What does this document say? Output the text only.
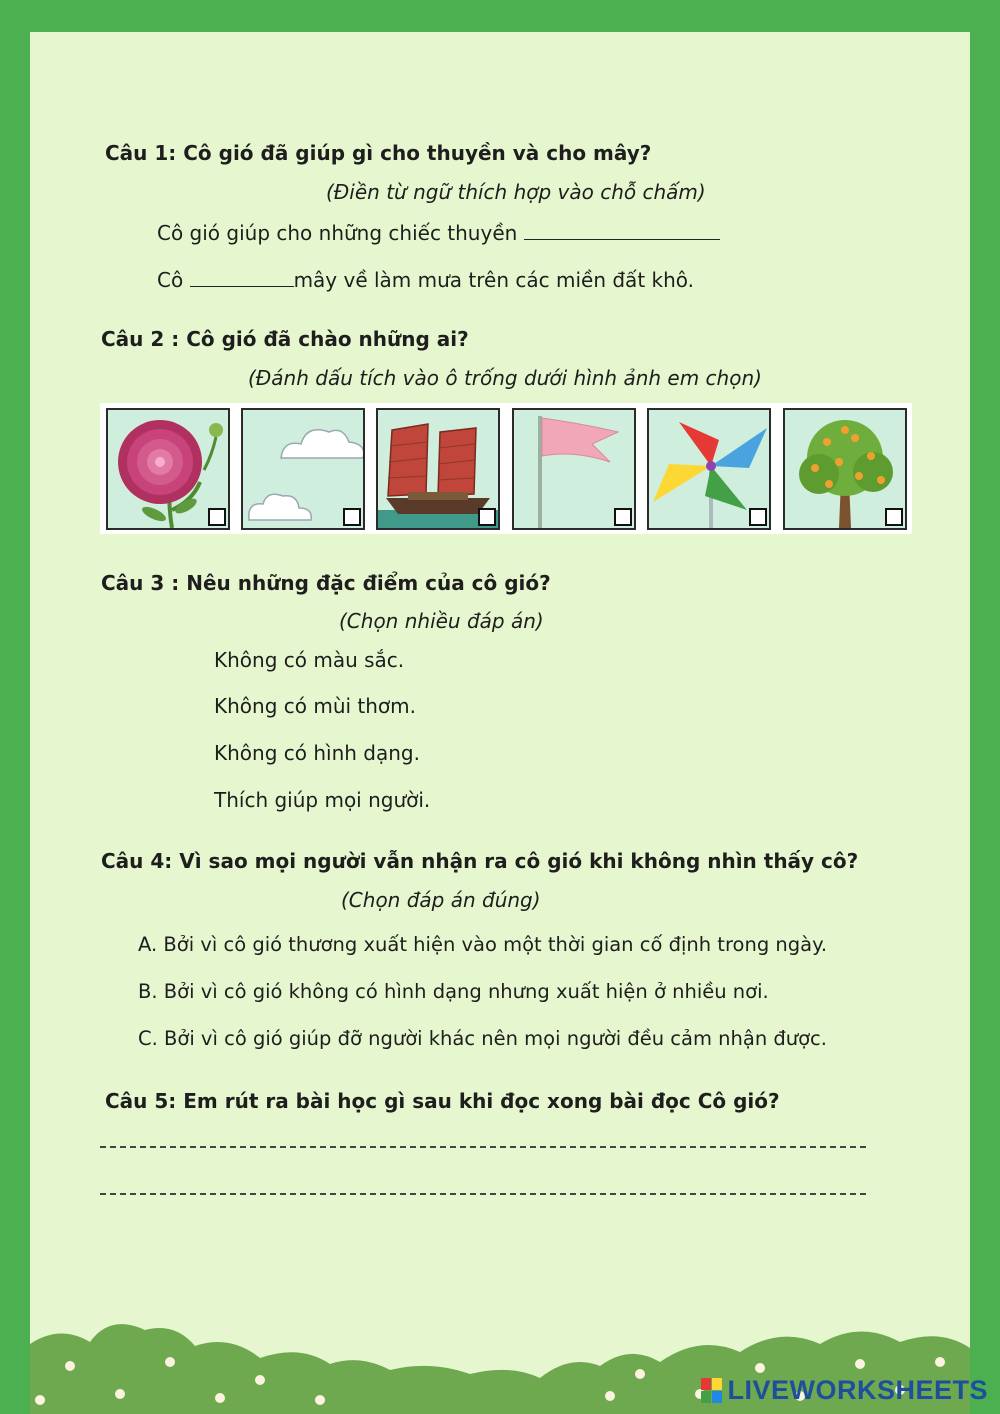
Câu 1: Cô gió đã giúp gì cho thuyền và cho mây?
(Điền từ ngữ thích hợp vào chỗ chấm)
Cô gió giúp cho những chiếc thuyền
Cô	mây về làm mưa trên các miền đất khô.
Câu 2 : Cô gió đã chào những ai?
(Đánh dấu tích vào ô trống dưới hình ảnh em chọn)
Câu 3 : Nêu những đặc điểm của cô gió?
(Chọn nhiều đáp án)
Không có màu sắc.
Không có mùi thơm.
Không có hình dạng.
Thích giúp mọi người.
Câu 4: Vì sao mọi người vẫn nhận ra cô gió khi không nhìn thấy cô?
(Chọn đáp án đúng)
A. Bởi vì cô gió thương xuất hiện vào một thời gian cố định trong ngày.
B. Bởi vì cô gió không có hình dạng nhưng xuất hiện ở nhiều nơi.
C. Bởi vì cô gió giúp đỡ người khác nên mọi người đều cảm nhận được.
Câu 5: Em rút ra bài học gì sau khi đọc xong bài đọc Cô gió?
LIVEWORKSHEETS
